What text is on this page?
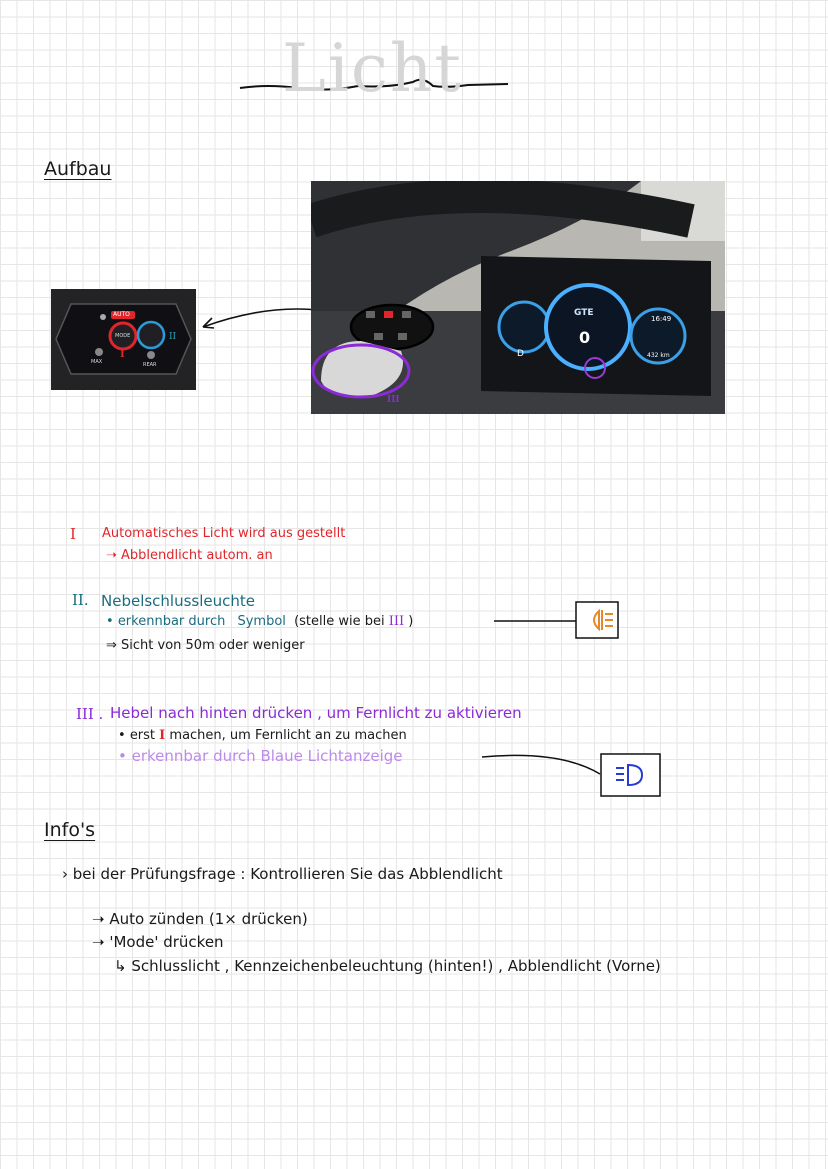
Licht
Aufbau
AUTO
MODE
MAX	REAR
I
II	0
GTE
16:49
432 km
D
III
I Automatisches Licht wird aus gestellt
➝ Abblendlicht autom. an
II. Nebelschlussleuchte
• erkennbar durch Symbol (stelle wie bei III )
⇒ Sicht von 50m oder weniger
III . Hebel nach hinten drücken , um Fernlicht zu aktivieren
• erst I machen, um Fernlicht an zu machen
• erkennbar durch Blaue Lichtanzeige
Info's
› bei der Prüfungsfrage : Kontrollieren Sie das Abblendlicht
➝ Auto zünden (1× drücken)
➝ 'Mode' drücken
↳ Schlusslicht , Kennzeichenbeleuchtung (hinten!) , Abblendlicht (Vorne)
